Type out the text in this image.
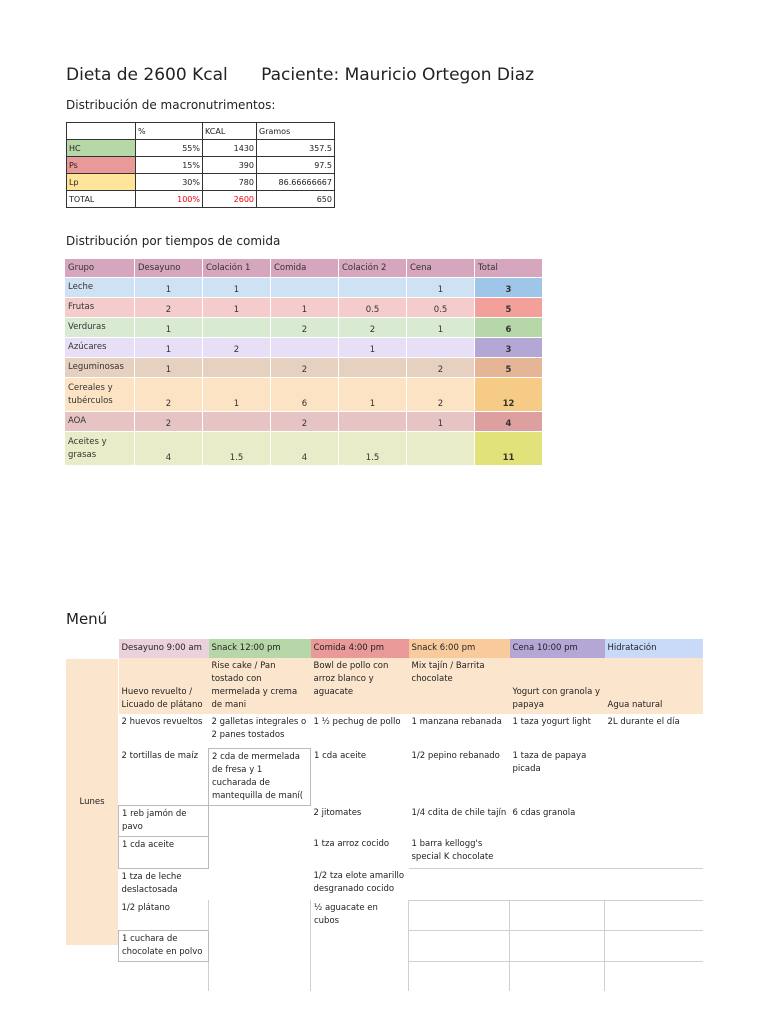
Dieta de 2600 Kcal Paciente: Mauricio Ortegon Diaz
Distribución de macronutrimentos:
	%	KCAL	Gramos
HC	55%	1430	357.5
Ps	15%	390	97.5
Lp	30%	780	86.66666667
TOTAL	100%	2600	650
Distribución por tiempos de comida
Grupo	Desayuno	Colación 1	Comida	Colación 2	Cena	Total
Leche	1	1			1	3
Frutas	2	1	1	0.5	0.5	5
Verduras	1		2	2	1	6
Azúcares	1	2		1		3
Leguminosas	1		2		2	5
Cereales y tubérculos	2	1	6	1	2	12
AOA	2		2		1	4
Aceites y grasas	4	1.5	4	1.5		11
Menú
Lunes
Desayuno 9:00 am	Snack 12:00 pm	Comida 4:00 pm	Snack 6:00 pm	Cena 10:00 pm	Hidratación
Huevo revuelto / Licuado de plátano	Rise cake / Pan tostado con mermelada y crema de mani	Bowl de pollo con arroz blanco y aguacate	Mix tajín / Barrita chocolate	Yogurt con granola y papaya	Agua natural
2 huevos revueltos	2 galletas integrales o 2 panes tostados	1 ½ pechug de pollo	1 manzana rebanada	1 taza yogurt light	2L durante el día
2 tortillas de maíz	2 cda de mermelada de fresa y 1 cucharada de mantequilla de maní(	1 cda aceite	1/2 pepino rebanado	1 taza de papaya picada	
1 reb jamón de pavo		2 jitomates	1/4 cdita de chile tajín	6 cdas granola	
1 cda aceite		1 tza arroz cocido	1 barra kellogg's special K chocolate		
1 tza de leche deslactosada		1/2 tza elote amarillo desgranado cocido			
1/2 plátano		½ aguacate en cubos			
1 cuchara de chocolate en polvo					
